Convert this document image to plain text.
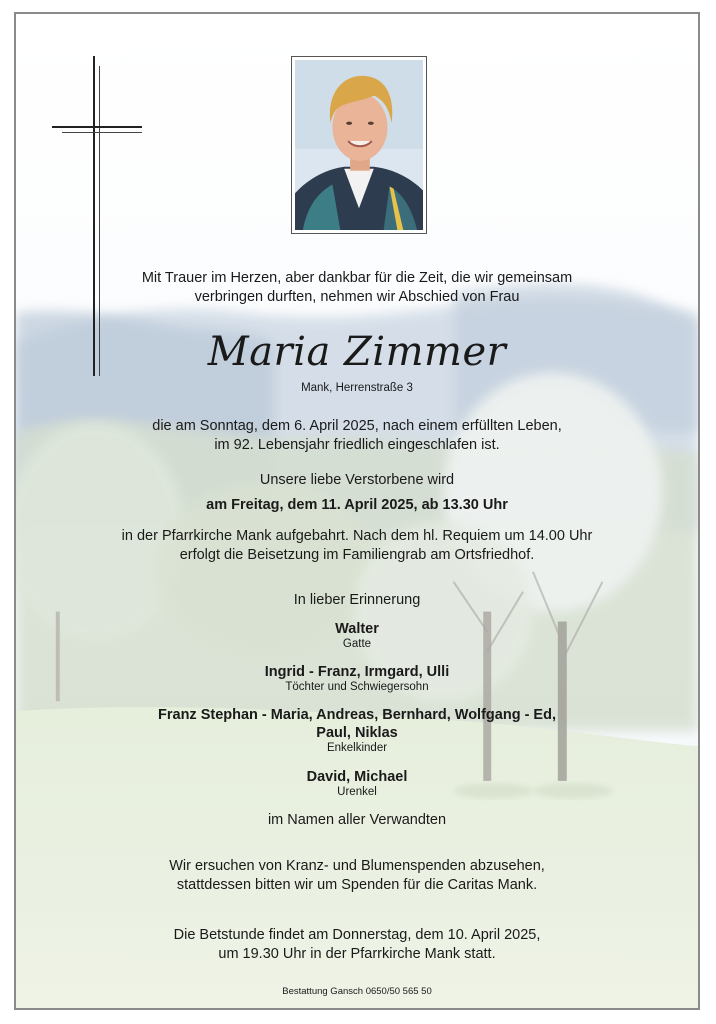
Mit Trauer im Herzen, aber dankbar für die Zeit, die wir gemeinsam
verbringen durften, nehmen wir Abschied von Frau
Maria Zimmer
Mank, Herrenstraße 3
die am Sonntag, dem 6. April 2025, nach einem erfüllten Leben,
im 92. Lebensjahr friedlich eingeschlafen ist.
Unsere liebe Verstorbene wird
am Freitag, dem 11. April 2025, ab 13.30 Uhr
in der Pfarrkirche Mank aufgebahrt. Nach dem hl. Requiem um 14.00 Uhr
erfolgt die Beisetzung im Familiengrab am Ortsfriedhof.
In lieber Erinnerung
Walter
Gatte
Ingrid - Franz, Irmgard, Ulli
Töchter und Schwiegersohn
Franz Stephan - Maria, Andreas, Bernhard, Wolfgang - Ed,
Paul, Niklas
Enkelkinder
David, Michael
Urenkel
im Namen aller Verwandten
Wir ersuchen von Kranz- und Blumenspenden abzusehen,
stattdessen bitten wir um Spenden für die Caritas Mank.
Die Betstunde findet am Donnerstag, dem 10. April 2025,
um 19.30 Uhr in der Pfarrkirche Mank statt.
Bestattung Gansch 0650/50 565 50
